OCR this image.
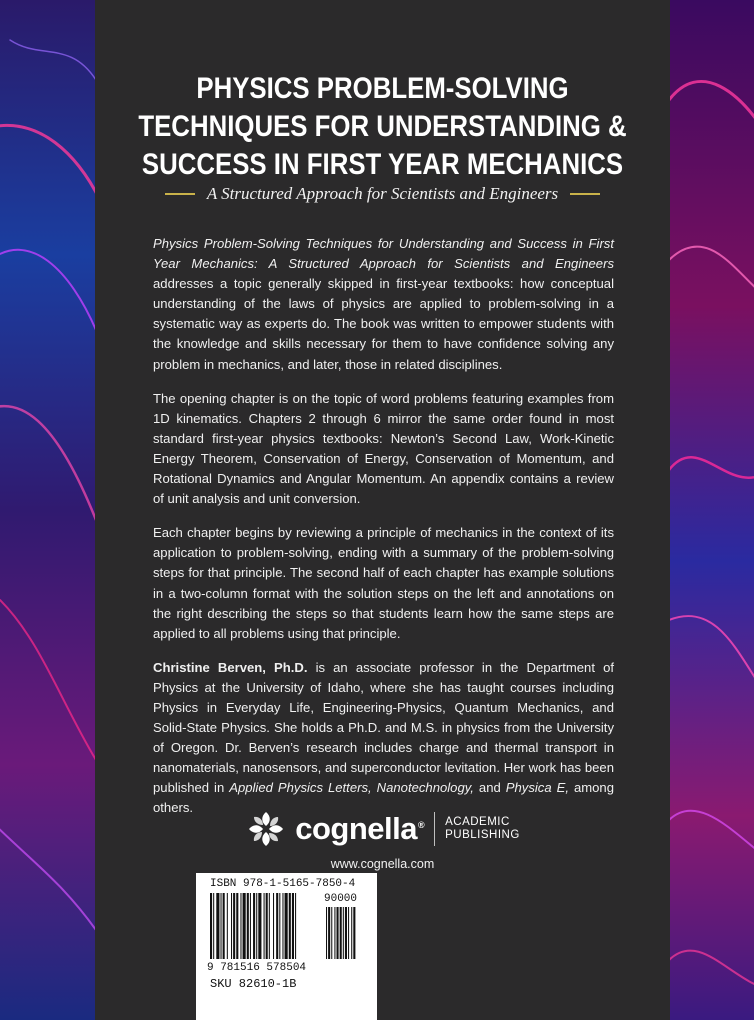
PHYSICS PROBLEM-SOLVING
TECHNIQUES FOR UNDERSTANDING &
SUCCESS IN FIRST YEAR MECHANICS
A Structured Approach for Scientists and Engineers

Physics Problem-Solving Techniques for Understanding and Success in First Year Mechanics: A Structured Approach for Scientists and Engineers addresses a topic generally skipped in first-year textbooks: how conceptual understanding of the laws of physics are applied to problem-solving in a systematic way as experts do. The book was written to empower students with the knowledge and skills necessary for them to have confidence solving any problem in mechanics, and later, those in related disciplines.

The opening chapter is on the topic of word problems featuring examples from 1D kinematics. Chapters 2 through 6 mirror the same order found in most standard first-year physics textbooks: Newton’s Second Law, Work-Kinetic Energy Theorem, Conservation of Energy, Conservation of Momentum, and Rotational Dynamics and Angular Momentum. An appendix contains a review of unit analysis and unit conversion.

Each chapter begins by reviewing a principle of mechanics in the context of its application to problem-solving, ending with a summary of the problem-solving steps for that principle. The second half of each chapter has example solutions in a two-column format with the solution steps on the left and annotations on the right describing the steps so that students learn how the same steps are applied to all problems using that principle.

Christine Berven, Ph.D. is an associate professor in the Department of Physics at the University of Idaho, where she has taught courses including Physics in Everyday Life, Engineering-Physics, Quantum Mechanics, and Solid-State Physics. She holds a Ph.D. and M.S. in physics from the University of Oregon. Dr. Berven’s research includes charge and thermal transport in nanomaterials, nanosensors, and superconductor levitation. Her work has been published in Applied Physics Letters, Nanotechnology, and Physica E, among others.

cognella® ACADEMIC
PUBLISHING
www.cognella.com
ISBN 978-1-5165-7850-4
90000
9 781516 578504
SKU 82610-1B
